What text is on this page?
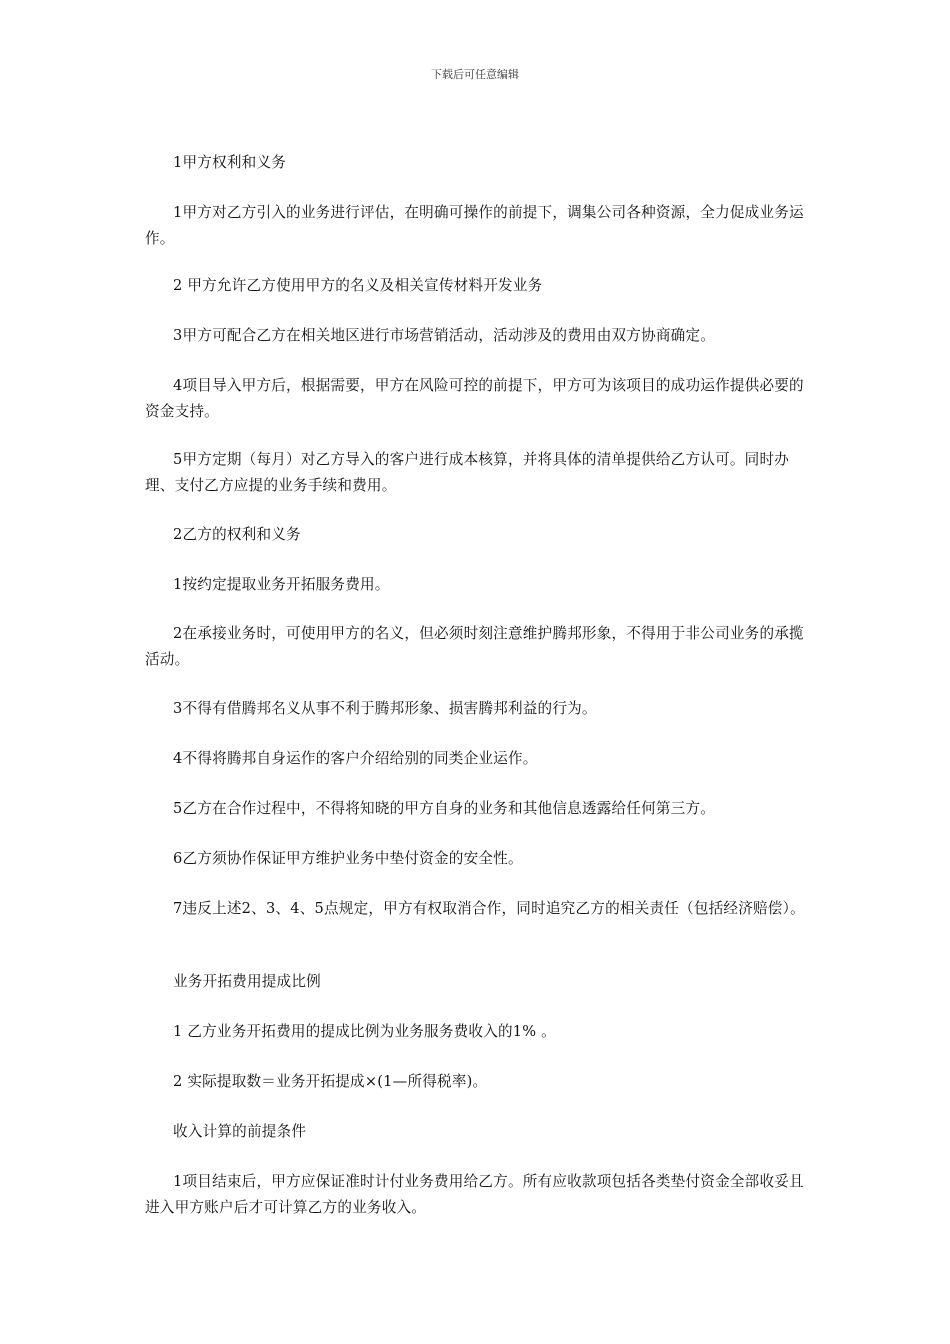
下载后可任意编辑

1甲方权利和义务

1甲方对乙方引入的业务进行评估，在明确可操作的前提下，调集公司各种资源，全力促成业务运作。

2 甲方允许乙方使用甲方的名义及相关宣传材料开发业务

3甲方可配合乙方在相关地区进行市场营销活动，活动涉及的费用由双方协商确定。

4项目导入甲方后，根据需要，甲方在风险可控的前提下，甲方可为该项目的成功运作提供必要的资金支持。

5甲方定期（每月）对乙方导入的客户进行成本核算，并将具体的清单提供给乙方认可。同时办理、支付乙方应提的业务手续和费用。

2乙方的权利和义务

1按约定提取业务开拓服务费用。

2在承接业务时，可使用甲方的名义，但必须时刻注意维护腾邦形象，不得用于非公司业务的承揽活动。

3不得有借腾邦名义从事不利于腾邦形象、损害腾邦利益的行为。

4不得将腾邦自身运作的客户介绍给别的同类企业运作。

5乙方在合作过程中，不得将知晓的甲方自身的业务和其他信息透露给任何第三方。

6乙方须协作保证甲方维护业务中垫付资金的安全性。

7违反上述2、3、4、5点规定，甲方有权取消合作，同时追究乙方的相关责任（包括经济赔偿）。

业务开拓费用提成比例

1 乙方业务开拓费用的提成比例为业务服务费收入的1% 。

2 实际提取数＝业务开拓提成×(1—所得税率)。

收入计算的前提条件

1项目结束后，甲方应保证准时计付业务费用给乙方。所有应收款项包括各类垫付资金全部收妥且进入甲方账户后才可计算乙方的业务收入。
